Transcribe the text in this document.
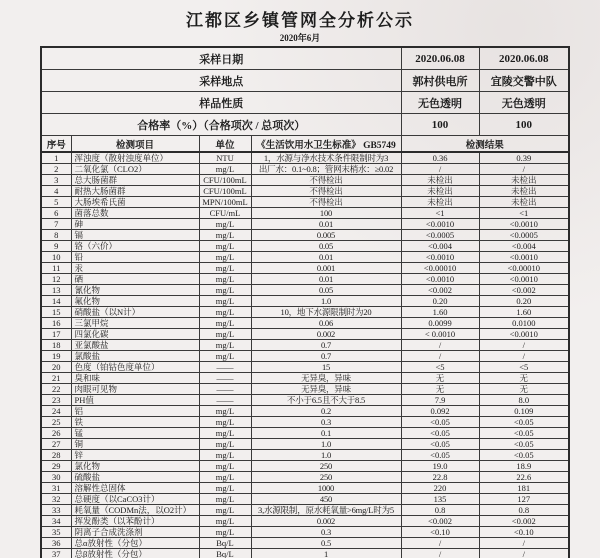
江都区乡镇管网全分析公示
2020年6月
采样日期				2020.06.08	2020.06.08
采样地点				郭村供电所	宜陵交警中队
样品性质				无色透明	无色透明
合格率（%）（合格项次 / 总项次）				100	100
序号	检测项目	单位	《生活饮用水卫生标准》 GB5749	检测结果	
1	浑浊度（散射浊度单位）	NTU	1，水源与净水技术条件限制时为3	0.36	0.39
2	二氧化氯（CLO2）	mg/L	出厂水：0.1~0.8；管网末梢水：≥0.02	/	/
3	总大肠菌群	CFU/100mL	不得检出	未检出	未检出
4	耐热大肠菌群	CFU/100mL	不得检出	未检出	未检出
5	大肠埃希氏菌	MPN/100mL	不得检出	未检出	未检出
6	菌落总数	CFU/mL	100	<1	<1
7	砷	mg/L	0.01	<0.0010	<0.0010
8	镉	mg/L	0.005	<0.0005	<0.0005
9	铬（六价）	mg/L	0.05	<0.004	<0.004
10	铅	mg/L	0.01	<0.0010	<0.0010
11	汞	mg/L	0.001	<0.00010	<0.00010
12	硒	mg/L	0.01	<0.0010	<0.0010
13	氰化物	mg/L	0.05	<0.002	<0.002
14	氟化物	mg/L	1.0	0.20	0.20
15	硝酸盐（以N计）	mg/L	10，地下水源限制时为20	1.60	1.60
16	三氯甲烷	mg/L	0.06	0.0099	0.0100
17	四氯化碳	mg/L	0.002	< 0.0010	<0.0010
18	亚氯酸盐	mg/L	0.7	/	/
19	氯酸盐	mg/L	0.7	/	/
20	色度（铂钴色度单位）	——	15	<5	<5
21	臭和味	——	无异臭，异味	无	无
22	肉眼可见物	——	无异臭，异味	无	无
23	PH值	——	不小于6.5且不大于8.5	7.9	8.0
24	铝	mg/L	0.2	0.092	0.109
25	铁	mg/L	0.3	<0.05	<0.05
26	锰	mg/L	0.1	<0.05	<0.05
27	铜	mg/L	1.0	<0.05	<0.05
28	锌	mg/L	1.0	<0.05	<0.05
29	氯化物	mg/L	250	19.0	18.9
30	硫酸盐	mg/L	250	22.8	22.6
31	溶解性总固体	mg/L	1000	220	181
32	总硬度（以CaCO3计）	mg/L	450	135	127
33	耗氧量（CODMn法，以O2计）	mg/L	3,水源限制，原水耗氧量>6mg/L时为5	0.8	0.8
34	挥发酚类（以苯酚计）	mg/L	0.002	<0.002	<0.002
35	阴离子合成洗涤剂	mg/L	0.3	<0.10	<0.10
36	总α放射性（分包）	Bq/L	0.5	/	/
37	总β放射性（分包）	Bq/L	1	/	/
